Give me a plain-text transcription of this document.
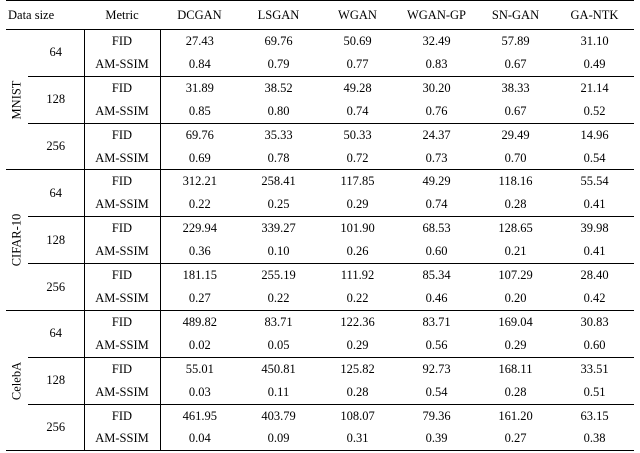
Data size		Metric	DCGAN	LSGAN	WGAN	WGAN-GP	SN-GAN	GA-NTK

MNIST	64	FID	27.43	69.76	50.69	32.49	57.89	31.10
		AM-SSIM	0.84	0.79	0.77	0.83	0.67	0.49
	128	FID	31.89	38.52	49.28	30.20	38.33	21.14
		AM-SSIM	0.85	0.80	0.74	0.76	0.67	0.52
	256	FID	69.76	35.33	50.33	24.37	29.49	14.96
		AM-SSIM	0.69	0.78	0.72	0.73	0.70	0.54

CIFAR-10	64	FID	312.21	258.41	117.85	49.29	118.16	55.54
		AM-SSIM	0.22	0.25	0.29	0.74	0.28	0.41
	128	FID	229.94	339.27	101.90	68.53	128.65	39.98
		AM-SSIM	0.36	0.10	0.26	0.60	0.21	0.41
	256	FID	181.15	255.19	111.92	85.34	107.29	28.40
		AM-SSIM	0.27	0.22	0.22	0.46	0.20	0.42

CelebA	64	FID	489.82	83.71	122.36	83.71	169.04	30.83
		AM-SSIM	0.02	0.05	0.29	0.56	0.29	0.60
	128	FID	55.01	450.81	125.82	92.73	168.11	33.51
		AM-SSIM	0.03	0.11	0.28	0.54	0.28	0.51
	256	FID	461.95	403.79	108.07	79.36	161.20	63.15
		AM-SSIM	0.04	0.09	0.31	0.39	0.27	0.38
